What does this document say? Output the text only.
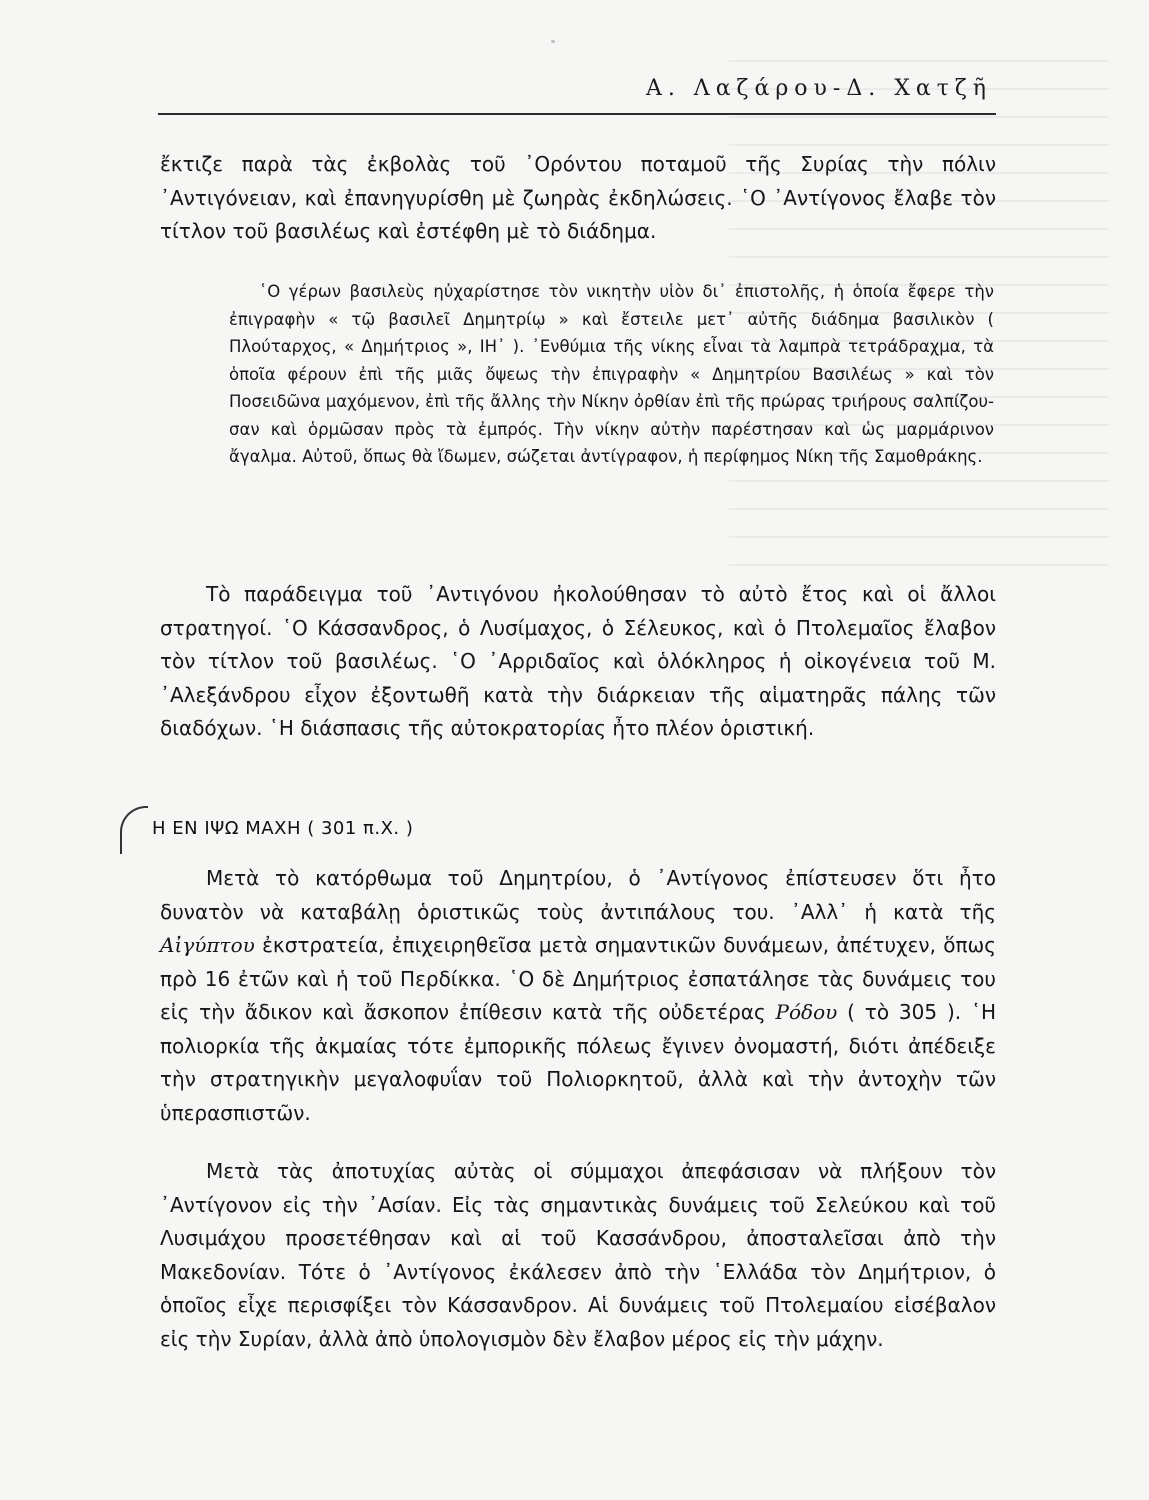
Α. Λαζάρου-Δ. Χατζῆ
ἔκτιζε παρὰ τὰς ἐκβολὰς τοῦ ᾿Ορόντου ποταμοῦ τῆς Συρίας τὴν πόλιν ᾿Αντιγόνειαν, καὶ ἐπανηγυρίσθη μὲ ζωηρὰς ἐκδηλώσεις. ῾Ο ᾿Αντίγονος ἔλαβε τὸν τίτλον τοῦ βασιλέως καὶ ἐστέφθη μὲ τὸ διάδημα.
῾Ο γέρων βασιλεὺς ηὐχαρίστησε τὸν νικητὴν υἱὸν δι᾿ ἐπιστολῆς, ἡ ὁποία ἔφερε τὴν ἐπιγραφὴν « τῷ βασιλεῖ Δημητρίῳ » καὶ ἔστειλε μετ᾿ αὐτῆς διάδημα βασιλικὸν ( Πλούταρχος, « Δημήτριος », ΙΗ᾿ ). ᾿Ενθύμια τῆς νίκης εἶναι τὰ λαμπρὰ τετράδραχμα, τὰ ὁποῖα φέρουν ἐπὶ τῆς μιᾶς ὄψεως τὴν ἐπιγραφὴν « Δημητρίου Βασιλέως » καὶ τὸν Ποσειδῶνα μαχόμενον, ἐπὶ τῆς ἄλλης τὴν Νίκην ὀρθίαν ἐπὶ τῆς πρώρας τριήρους σαλπίζουσαν καὶ ὁρμῶσαν πρὸς τὰ ἐμπρός. Τὴν νίκην αὐτὴν παρέστησαν καὶ ὡς μαρμάρινον ἄγαλμα. Αὐτοῦ, ὅπως θὰ ἴδωμεν, σώζεται ἀντίγραφον, ἡ περίφημος Νίκη τῆς Σαμοθράκης.
Τὸ παράδειγμα τοῦ ᾿Αντιγόνου ἠκολούθησαν τὸ αὐτὸ ἔτος καὶ οἱ ἄλλοι στρατηγοί. ῾Ο Κάσσανδρος, ὁ Λυσίμαχος, ὁ Σέλευκος, καὶ ὁ Πτολεμαῖος ἔλαβον τὸν τίτλον τοῦ βασιλέως. ῾Ο ᾿Αρριδαῖος καὶ ὁλόκληρος ἡ οἰκογένεια τοῦ Μ. ᾿Αλεξάνδρου εἶχον ἐξοντωθῆ κατὰ τὴν διάρκειαν τῆς αἱματηρᾶς πάλης τῶν διαδόχων. ῾Η διάσπασις τῆς αὐτοκρατορίας ἦτο πλέον ὁριστική.
Η ΕΝ ΙΨΩ ΜΑΧΗ ( 301 π.Χ. )
Μετὰ τὸ κατόρθωμα τοῦ Δημητρίου, ὁ ᾿Αντίγονος ἐπίστευσεν ὅτι ἦτο δυνατὸν νὰ καταβάλῃ ὁριστικῶς τοὺς ἀντιπάλους του. ᾿Αλλ᾿ ἡ κατὰ τῆς Αἰγύπτου ἐκστρατεία, ἐπιχειρηθεῖσα μετὰ σημαντικῶν δυνάμεων, ἀπέτυχεν, ὅπως πρὸ 16 ἐτῶν καὶ ἡ τοῦ Περδίκκα. ῾Ο δὲ Δημήτριος ἐσπατάλησε τὰς δυνάμεις του εἰς τὴν ἄδικον καὶ ἄσκοπον ἐπίθεσιν κατὰ τῆς οὐδετέρας Ρόδου ( τὸ 305 ). ῾Η πολιορκία τῆς ἀκμαίας τότε ἐμπορικῆς πόλεως ἔγινεν ὀνομαστή, διότι ἀπέδειξε τὴν στρατηγικὴν μεγαλοφυΐαν τοῦ Πολιορκητοῦ, ἀλλὰ καὶ τὴν ἀντοχὴν τῶν ὑπερασπιστῶν.
Μετὰ τὰς ἀποτυχίας αὐτὰς οἱ σύμμαχοι ἀπεφάσισαν νὰ πλήξουν τὸν ᾿Αντίγονον εἰς τὴν ᾿Ασίαν. Εἰς τὰς σημαντικὰς δυνάμεις τοῦ Σελεύκου καὶ τοῦ Λυσιμάχου προσετέθησαν καὶ αἱ τοῦ Κασσάνδρου, ἀποσταλεῖσαι ἀπὸ τὴν Μακεδονίαν. Τότε ὁ ᾿Αντίγονος ἐκάλεσεν ἀπὸ τὴν ῾Ελλάδα τὸν Δημήτριον, ὁ ὁποῖος εἶχε περισφίξει τὸν Κάσσανδρον. Αἱ δυνάμεις τοῦ Πτολεμαίου εἰσέβαλον εἰς τὴν Συρίαν, ἀλλὰ ἀπὸ ὑπολογισμὸν δὲν ἔλαβον μέρος εἰς τὴν μάχην.
